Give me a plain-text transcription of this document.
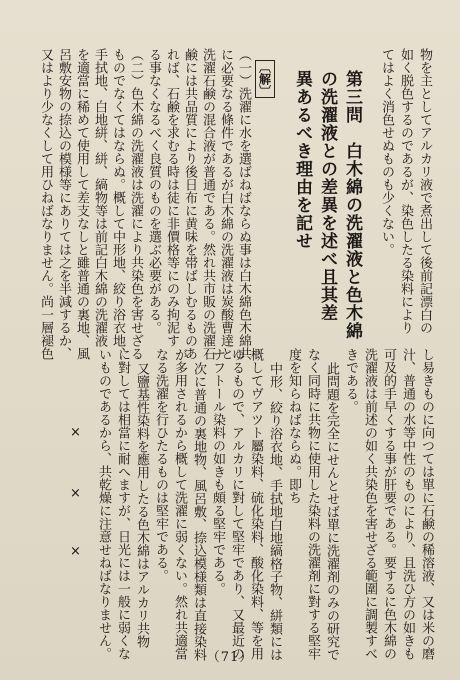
物を主としてアルカリ液で煮出して後前記漂白の
如く脱色するのであるが、染色したる染料により
てはよく消色せぬものも少くない。
第三問　白木綿の洗濯液と色木綿
の洗濯液との差異を述べ且其差
異あるべき理由を記せ
〔解〕
（一）洗濯に水を選ばねばならぬ事は白木綿色木綿共
に必要なる條件であるが白木綿の洗濯液は炭酸曹達と
洗濯石鹸の混合液が普通である。然れ共市販の洗濯石
鹸には共品質により後日布に黄味を帯ばしむるものあ
れば、石鹸を求むる時は徒に非價格等にのみ拘泥す
る事なくなるべく良質のものを選ぶ必要がある。
（二）色木綿の洗濯液は洗濯により共染色を害せざる
ものでなくてはならぬ。概して中形地、絞り浴衣地、
手拭地、白地絣、絣、縞物等は前記白木綿の洗濯液
を適當に稀めて使用して差支なしと雖普通の裏地、風
呂敷安物の捺込の模様等にありては之を半減するか、
又はより少なくして用ひねばなりません。尚一層褪色
し易きものに向つては單に石鹸の稀溶液、又は米の磨
汁、普通の水等中性のものにより、且洗ひ方の如きも
可及的手早くする事が肝要である。要するに色木綿の
洗濯液は前述の如く共染色を害せざる範圍に調製すべ
きである。
此問題を完全にせんとせば單に洗濯剤のみの研究で
なく同時に共物に使用した染料の洗濯剤に對する堅牢
度を知らねばならぬ。即ち
中形、絞り浴衣地、手拭地白地縞格子物、絣類には
概してヴアツト屬染料、硫化染料、酸化染料、等を用
ゆるもので、アルカリに對して堅牢であり、又最近の
ナフトール染料の如きも頗る堅牢である。
次に普通の裏地物、風呂敷、捺込模様類は直接染料
が多用されるから概して洗濯に弱くない。然れ共適當
なる洗濯を行ひたるものは堅牢である。
又鹽基性染料を應用したる色木綿はアルカリ共物
に對しては相當に耐へますが、日光には一般に弱くな
いものであるから、共乾燥に注意せねばなりません。
×
×
×
（71）
